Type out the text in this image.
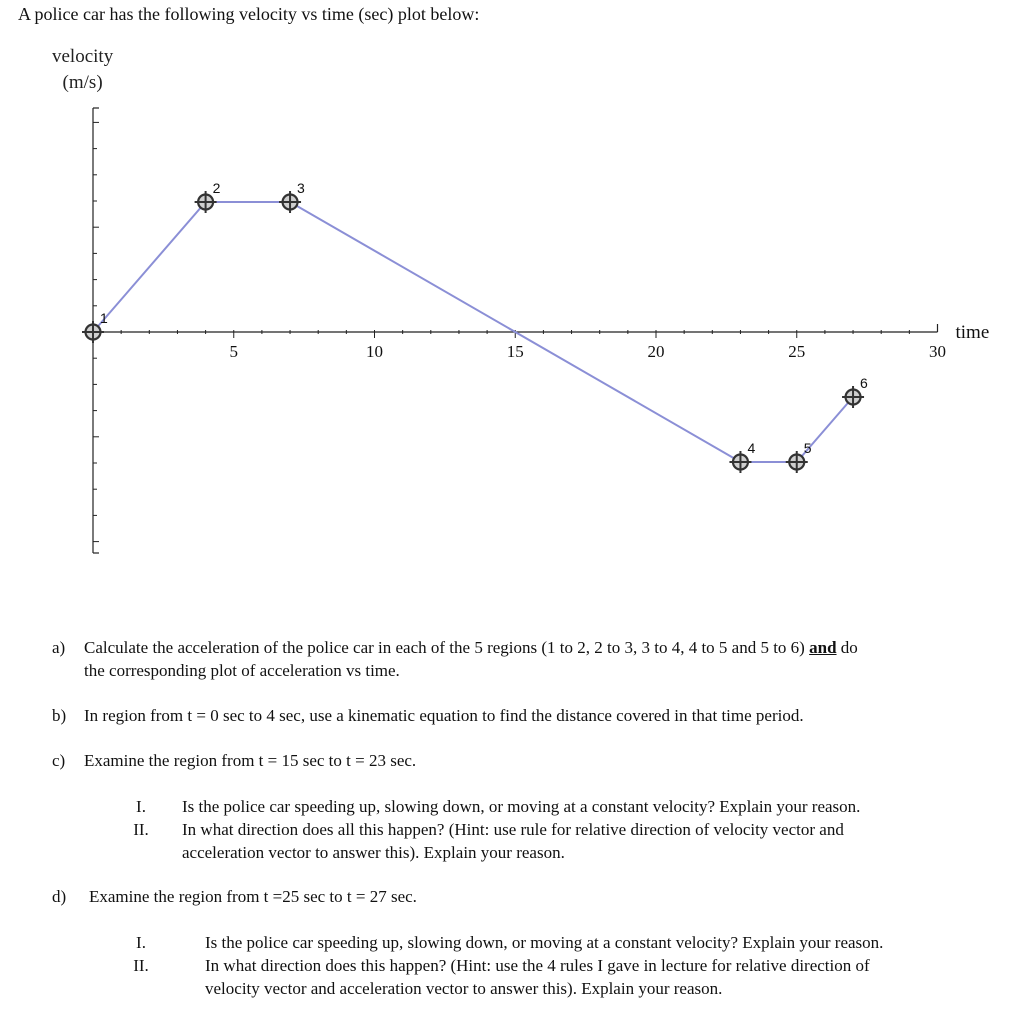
A police car has the following velocity vs time (sec) plot below:
velocity
(m/s)
5	10	15	20	25	30
time
1
2	3
4	5
6
a) Calculate the acceleration of the police car in each of the 5 regions (1 to 2, 2 to 3, 3 to 4, 4 to 5 and 5 to 6) and do
the corresponding plot of acceleration vs time.
b) In region from t = 0 sec to 4 sec, use a kinematic equation to find the distance covered in that time period.
c) Examine the region from t = 15 sec to t = 23 sec.
I.	Is the police car speeding up, slowing down, or moving at a constant velocity? Explain your reason.
II.	In what direction does all this happen? (Hint: use rule for relative direction of velocity vector and
acceleration vector to answer this). Explain your reason.
d) Examine the region from t =25 sec to t = 27 sec.
I.	Is the police car speeding up, slowing down, or moving at a constant velocity? Explain your reason.
II.	In what direction does this happen? (Hint: use the 4 rules I gave in lecture for relative direction of
velocity vector and acceleration vector to answer this). Explain your reason.
